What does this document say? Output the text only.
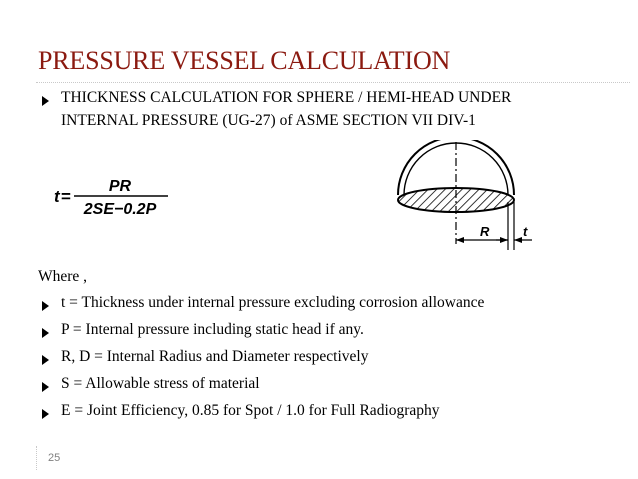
PRESSURE VESSEL CALCULATION
THICKNESS CALCULATION FOR SPHERE / HEMI-HEAD UNDER
INTERNAL PRESSURE (UG-27) of ASME SECTION VII DIV-1
t =
PR
2SE−0.2P
R	t
Where ,
t = Thickness under internal pressure excluding corrosion allowance
P = Internal pressure including static head if any.
R, D = Internal Radius and Diameter respectively
S = Allowable stress of material
E = Joint Efficiency, 0.85 for Spot / 1.0 for Full Radiography
25
